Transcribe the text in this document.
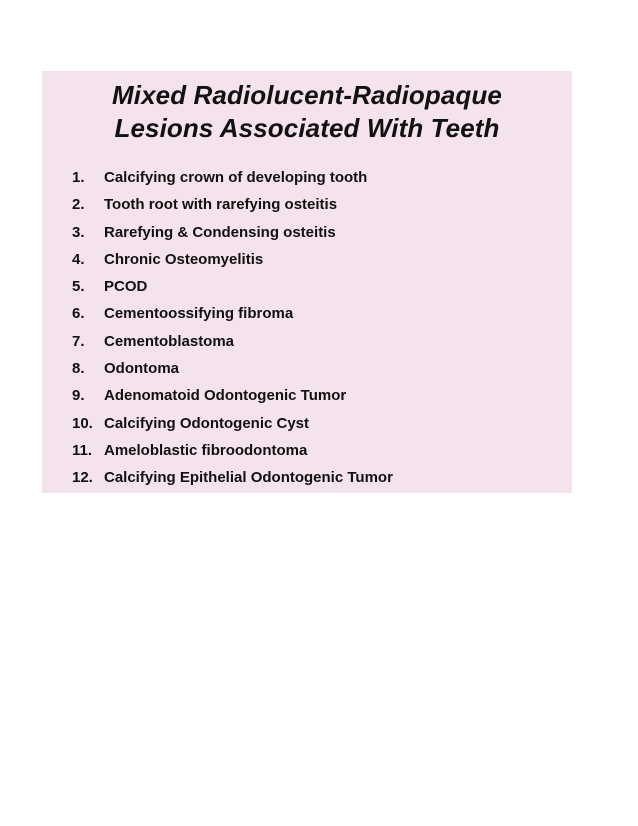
Mixed Radiolucent-Radiopaque
Lesions Associated With Teeth
1.	Calcifying crown of developing tooth
2.	Tooth root with rarefying osteitis
3.	Rarefying & Condensing osteitis
4.	Chronic Osteomyelitis
5.	PCOD
6.	Cementoossifying fibroma
7.	Cementoblastoma
8.	Odontoma
9.	Adenomatoid Odontogenic Tumor
10. Calcifying Odontogenic Cyst
11. Ameloblastic fibroodontoma
12. Calcifying Epithelial Odontogenic Tumor
